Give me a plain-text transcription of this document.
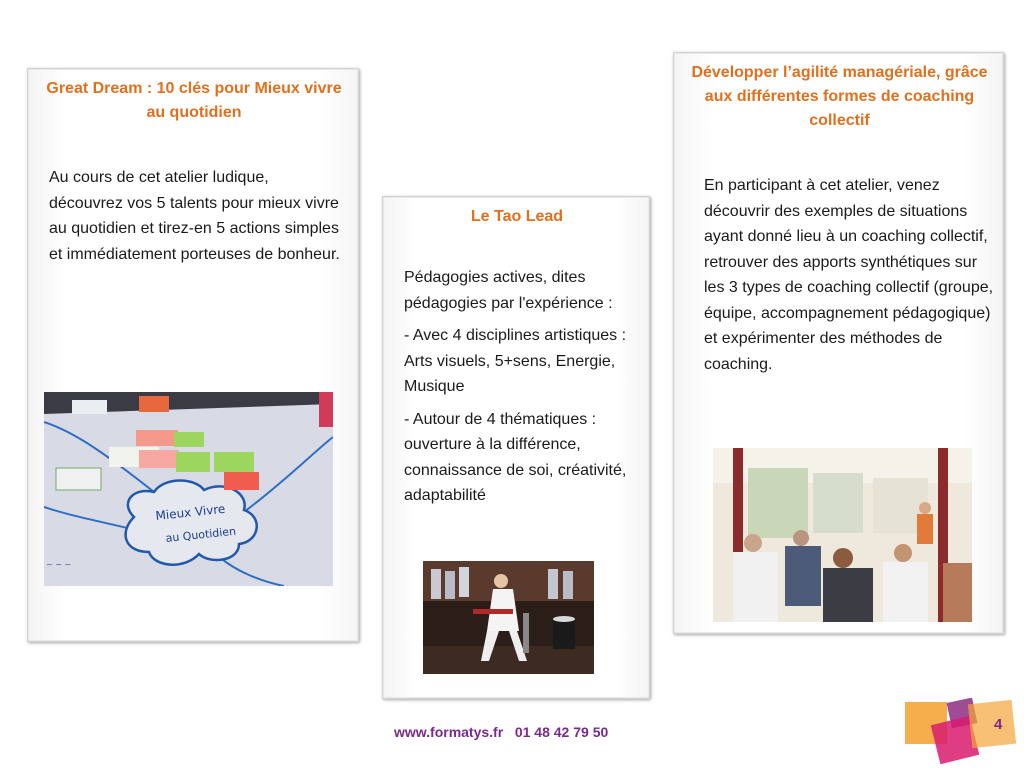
Great Dream : 10 clés pour Mieux vivre au quotidien

Au cours de cet atelier ludique, découvrez vos 5 talents pour mieux vivre au quotidien et tirez-en 5 actions simples et immédiatement porteuses de bonheur.

Mieux Vivre
au Quotidien
~ ~ ~
Le Tao Lead

Pédagogies actives, dites pédagogies par l'expérience :

- Avec 4 disciplines artistiques : Arts visuels, 5+sens, Energie, Musique

- Autour de 4 thématiques : ouverture à la différence, connaissance de soi, créativité, adaptabilité

Développer l’agilité managériale, grâce aux différentes formes de coaching collectif

En participant à cet atelier, venez découvrir des exemples de situations ayant donné lieu à un coaching collectif, retrouver des apports synthétiques sur les 3 types de coaching collectif (groupe, équipe, accompagnement pédagogique) et expérimenter des méthodes de coaching.

www.formatys.fr 01 48 42 79 50	4
